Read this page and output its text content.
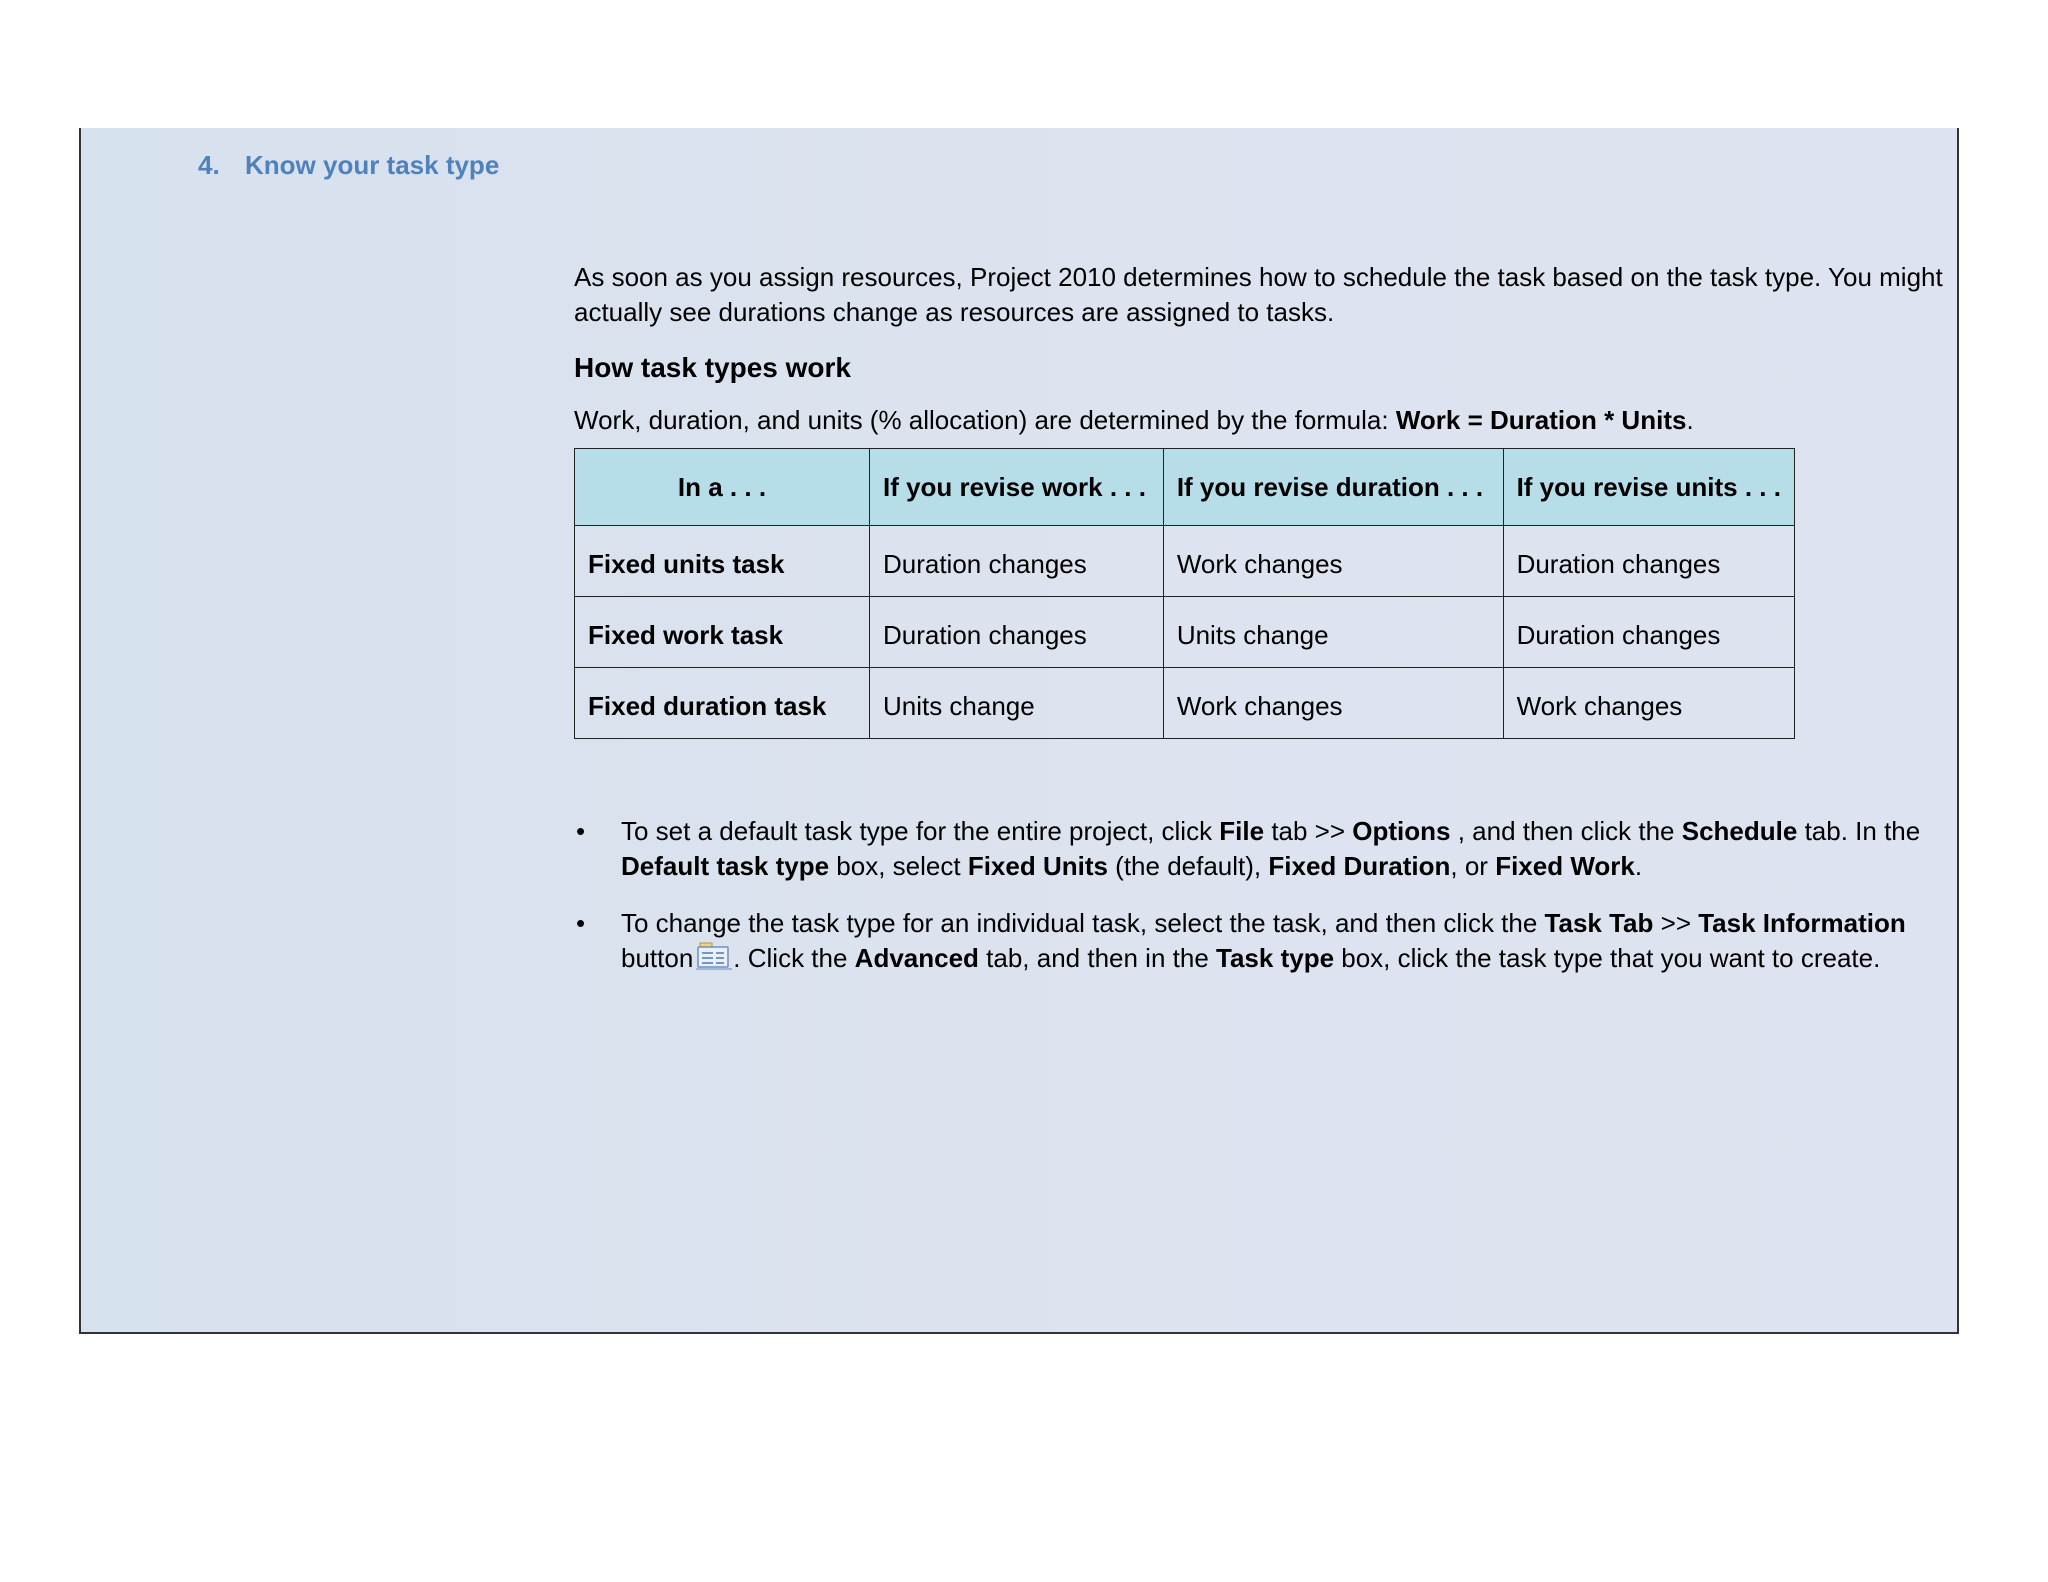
4. Know your task type

As soon as you assign resources, Project 2010 determines how to schedule the task based on the task type. You might actually see durations change as resources are assigned to tasks.

How task types work

Work, duration, and units (% allocation) are determined by the formula: Work = Duration * Units.

In a . . .	If you revise work . . .	If you revise duration . . .	If you revise units . . .
Fixed units task	Duration changes	Work changes	Duration changes
Fixed work task	Duration changes	Units change	Duration changes
Fixed duration task	Units change	Work changes	Work changes
• To set a default task type for the entire project, click File tab >> Options , and then click the Schedule tab. In the Default task type box, select Fixed Units (the default), Fixed Duration, or Fixed Work.
• To change the task type for an individual task, select the task, and then click the Task Tab >> Task Information button . Click the Advanced tab, and then in the Task type box, click the task type that you want to create.
